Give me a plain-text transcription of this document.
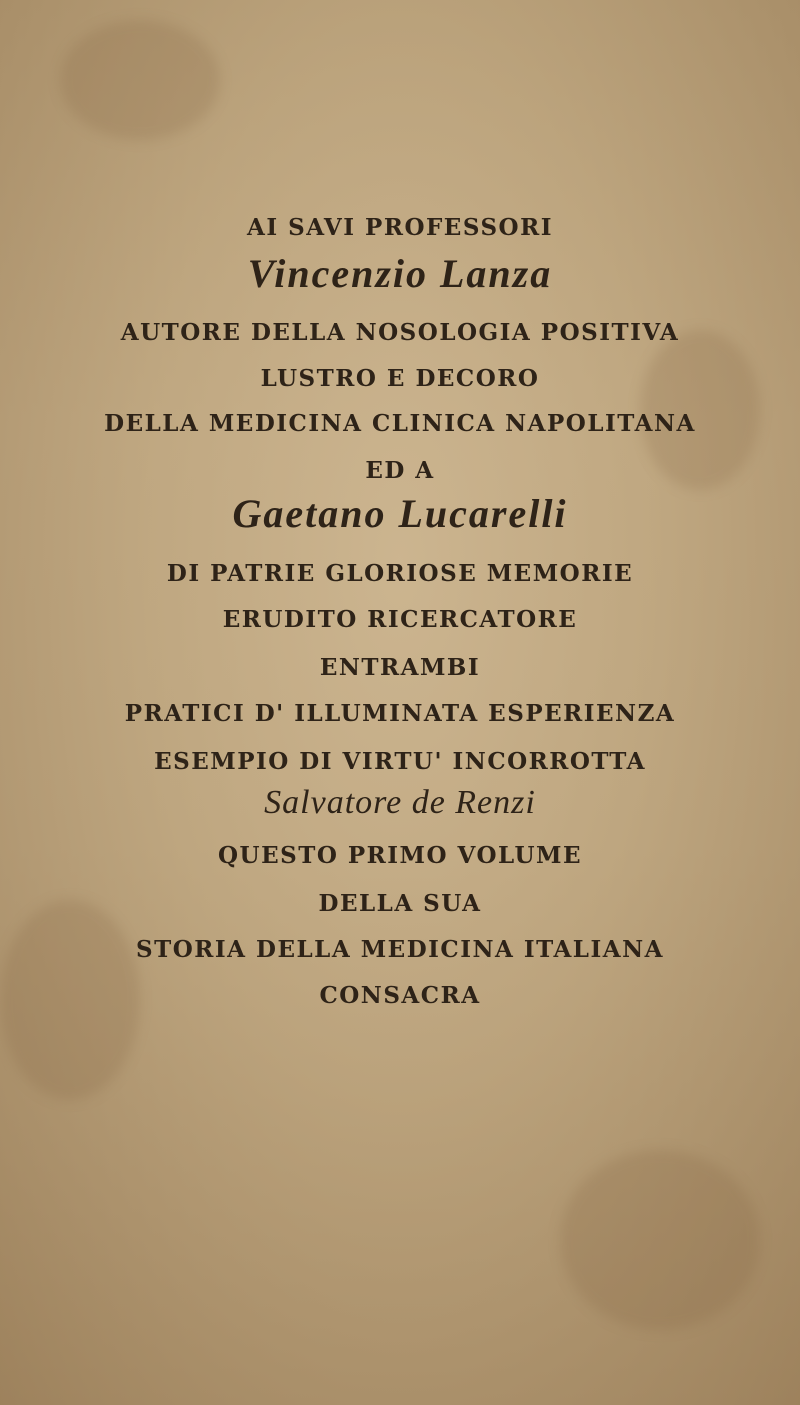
AI SAVI PROFESSORI
Vincenzio Lanza
AUTORE DELLA NOSOLOGIA POSITIVA
LUSTRO E DECORO
DELLA MEDICINA CLINICA NAPOLITANA
ED A
Gaetano Lucarelli
DI PATRIE GLORIOSE MEMORIE
ERUDITO RICERCATORE
ENTRAMBI
PRATICI D' ILLUMINATA ESPERIENZA
ESEMPIO DI VIRTU' INCORROTTA
Salvatore de Renzi
QUESTO PRIMO VOLUME
DELLA SUA
STORIA DELLA MEDICINA ITALIANA
CONSACRA
